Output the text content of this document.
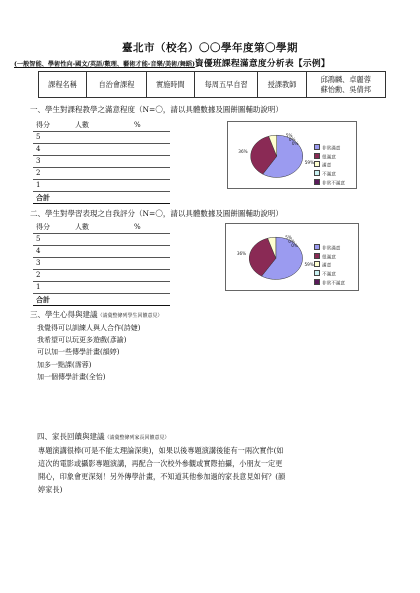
臺北市（校名）〇〇學年度第〇學期
(一般智能、學術性向-國文/英語/數理、藝術才能-音樂/美術/舞蹈)資優班課程滿意度分析表【示例】
課程名稱	自治會課程	實施時間	每周五早自習	授課教師	
邱鴻麟、卓麗蓉
蘇怡勳、吳倩邦
一、學生對課程教學之滿意程度（N=〇，請以具體數據及圓餅圖輔助說明）
得分	人數	%
5		
4		
3		
2		
1		
合計		
59%
36%
5%
0%
0%
非常滿意
很滿意
滿意
不滿意
非常不滿意
二、學生對學習表現之自我評分（N=〇，請以具體數據及圓餅圖輔助說明）
得分	人數	%
5		
4		
3		
2		
1		
合計		
59%
36%
5%
0%
0%
非常滿意
很滿意
滿意
不滿意
非常不滿意
三、學生心得與建議（請彙整條列學生回饋意見）
我覺得可以訓練人與人合作(詩婕)
我希望可以玩更多遊戲(彥諭)
可以加一些傳學計畫(韻婷)
加多一點課(霈蓉)
加一個傳學計畫(全怡)
四、家長回饋與建議（請彙整條列家長回饋意見）
專題演講很棒(可是不能太理論深奧)，如果以後專題演講後能有一兩次實作(如
這次的電影或攝影專題演講，再配合一次校外參觀或實際拍攝，小朋友一定更
開心，印象會更深刻！另外傳學計畫，不知道其他參加過的家長意見如何？(韻
婷家長)
